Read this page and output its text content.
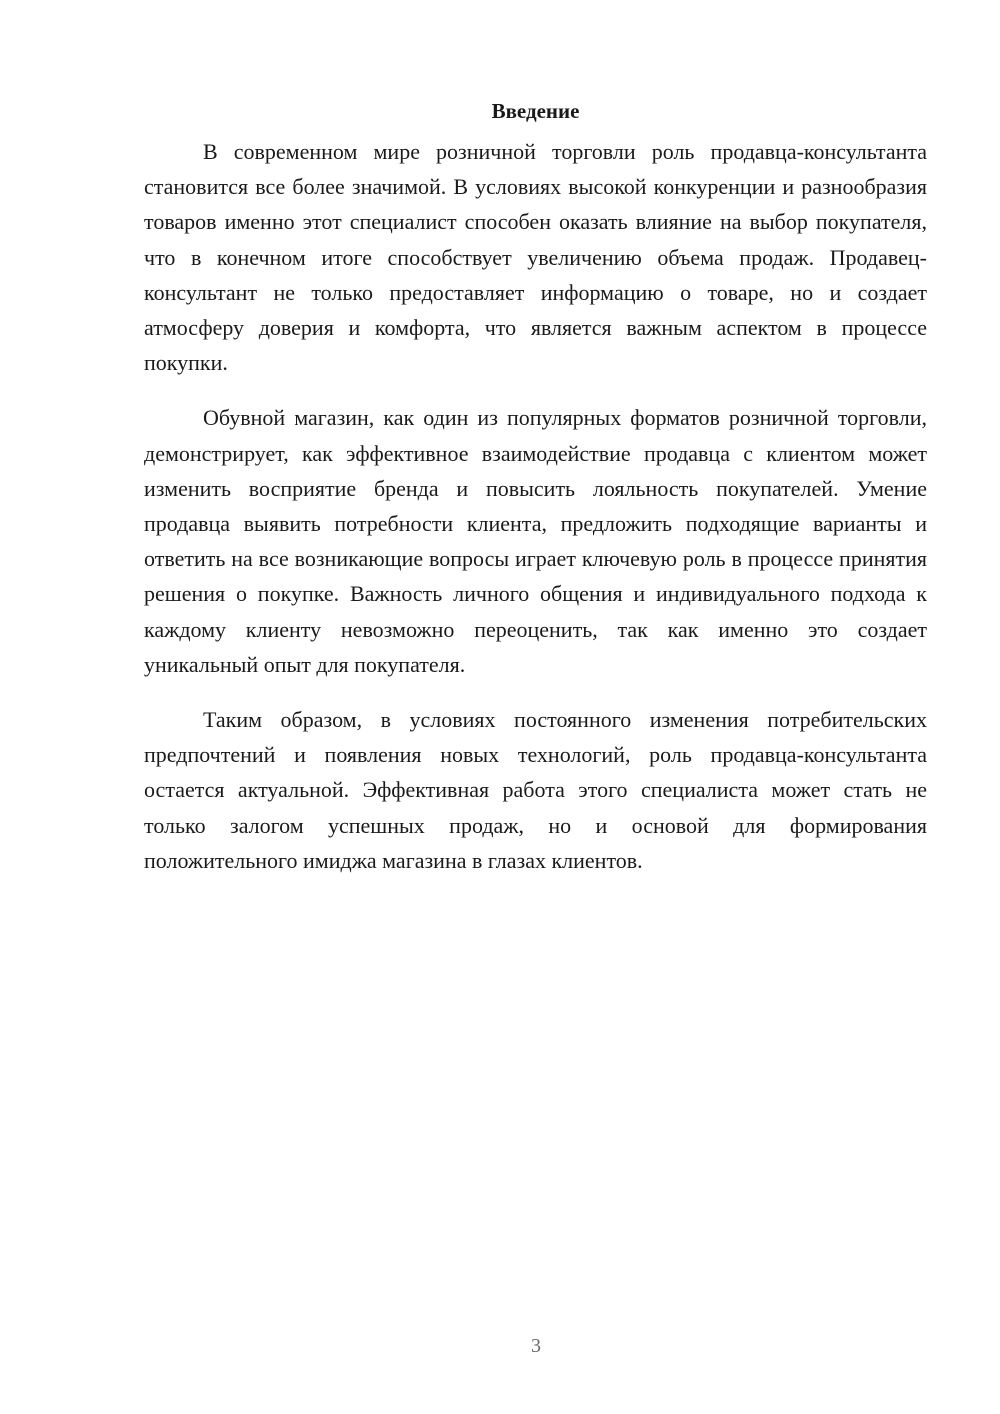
Введение

В современном мире розничной торговли роль продавца-консультанта становится все более значимой. В условиях высокой конкуренции и разнообразия товаров именно этот специалист способен оказать влияние на выбор покупателя, что в конечном итоге способствует увеличению объема продаж. Продавец-консультант не только предоставляет информацию о товаре, но и создает атмосферу доверия и комфорта, что является важным аспектом в процессе покупки.

Обувной магазин, как один из популярных форматов розничной торговли, демонстрирует, как эффективное взаимодействие продавца с клиентом может изменить восприятие бренда и повысить лояльность покупателей. Умение продавца выявить потребности клиента, предложить подходящие варианты и ответить на все возникающие вопросы играет ключевую роль в процессе принятия решения о покупке. Важность личного общения и индивидуального подхода к каждому клиенту невозможно переоценить, так как именно это создает уникальный опыт для покупателя.

Таким образом, в условиях постоянного изменения потребительских предпочтений и появления новых технологий, роль продавца-консультанта остается актуальной. Эффективная работа этого специалиста может стать не только залогом успешных продаж, но и основой для формирования положительного имиджа магазина в глазах клиентов.

3
